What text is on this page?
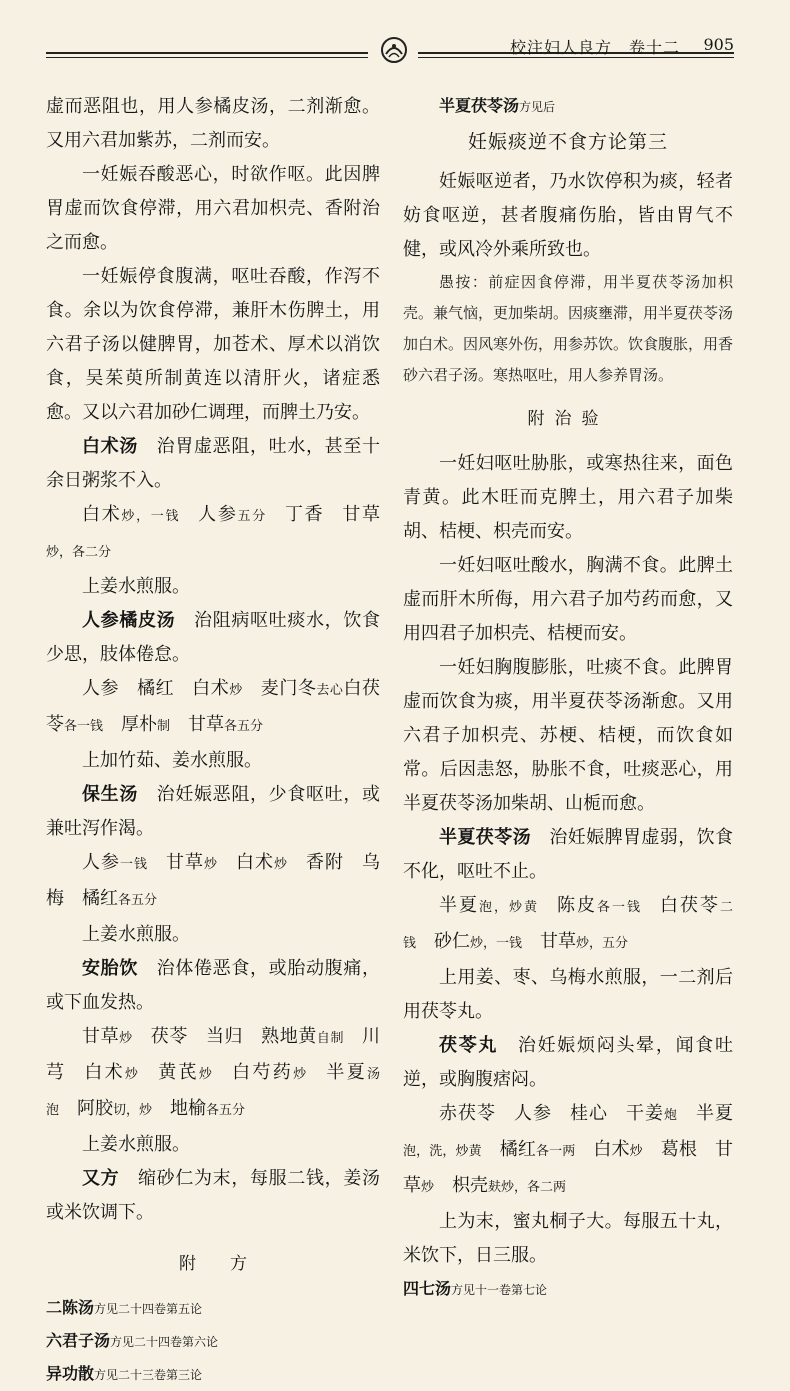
校注妇人良方　卷十二 905

虚而恶阻也，用人参橘皮汤，二剂渐愈。又用六君加紫苏，二剂而安。

一妊娠吞酸恶心，时欲作呕。此因脾胃虚而饮食停滞，用六君加枳壳、香附治之而愈。

一妊娠停食腹满，呕吐吞酸，作泻不食。余以为饮食停滞，兼肝木伤脾土，用六君子汤以健脾胃，加苍术、厚术以消饮食，吴茱萸所制黄连以清肝火，诸症悉愈。又以六君加砂仁调理，而脾土乃安。

白术汤　 治胃虚恶阻，吐水，甚至十余日粥浆不入。

白术炒，一钱 人参五分 丁香 甘草炒，各二分

上姜水煎服。

人参橘皮汤　 治阻病呕吐痰水，饮食少思，肢体倦怠。

人参 橘红 白术炒 麦门冬去心白茯苓各一钱 厚朴制 甘草各五分

上加竹茹、姜水煎服。

保生汤　 治妊娠恶阻，少食呕吐，或兼吐泻作渴。

人参一钱 甘草炒 白术炒 香附 乌梅 橘红各五分

上姜水煎服。

安胎饮　 治体倦恶食，或胎动腹痛，或下血发热。

甘草炒 茯苓 当归 熟地黄自制 川芎 白术炒 黄芪炒 白芍药炒 半夏汤泡 阿胶切，炒 地榆各五分

上姜水煎服。

又方　 缩砂仁为末，每服二钱，姜汤或米饮调下。

附　　方

二陈汤方见二十四卷第五论

六君子汤方见二十四卷第六论

异功散方见二十三卷第三论

半夏茯苓汤方见后

妊娠痰逆不食方论第三

妊娠呕逆者，乃水饮停积为痰，轻者妨食呕逆，甚者腹痛伤胎，皆由胃气不健，或风冷外乘所致也。

愚按：前症因食停滞，用半夏茯苓汤加枳壳。兼气恼，更加柴胡。因痰壅滞，用半夏茯苓汤加白术。因风寒外伤，用参苏饮。饮食腹胀，用香砂六君子汤。寒热呕吐，用人参养胃汤。

附治验

一妊妇呕吐胁胀，或寒热往来，面色青黄。此木旺而克脾土，用六君子加柴胡、桔梗、枳壳而安。

一妊妇呕吐酸水，胸满不食。此脾土虚而肝木所侮，用六君子加芍药而愈，又用四君子加枳壳、桔梗而安。

一妊妇胸腹膨胀，吐痰不食。此脾胃虚而饮食为痰，用半夏茯苓汤渐愈。又用六君子加枳壳、苏梗、桔梗，而饮食如常。后因恚怒，胁胀不食，吐痰恶心，用半夏茯苓汤加柴胡、山栀而愈。

半夏茯苓汤　 治妊娠脾胃虚弱，饮食不化，呕吐不止。

半夏泡，炒黄 陈皮各一钱 白茯苓二钱 砂仁炒，一钱 甘草炒，五分

上用姜、枣、乌梅水煎服，一二剂后用茯苓丸。

茯苓丸　 治妊娠烦闷头晕，闻食吐逆，或胸腹痞闷。

赤茯苓 人参 桂心 干姜炮 半夏泡，洗，炒黄 橘红各一两 白术炒 葛根 甘草炒 枳壳麸炒，各二两

上为末，蜜丸桐子大。每服五十丸，米饮下，日三服。

四七汤方见十一卷第七论
